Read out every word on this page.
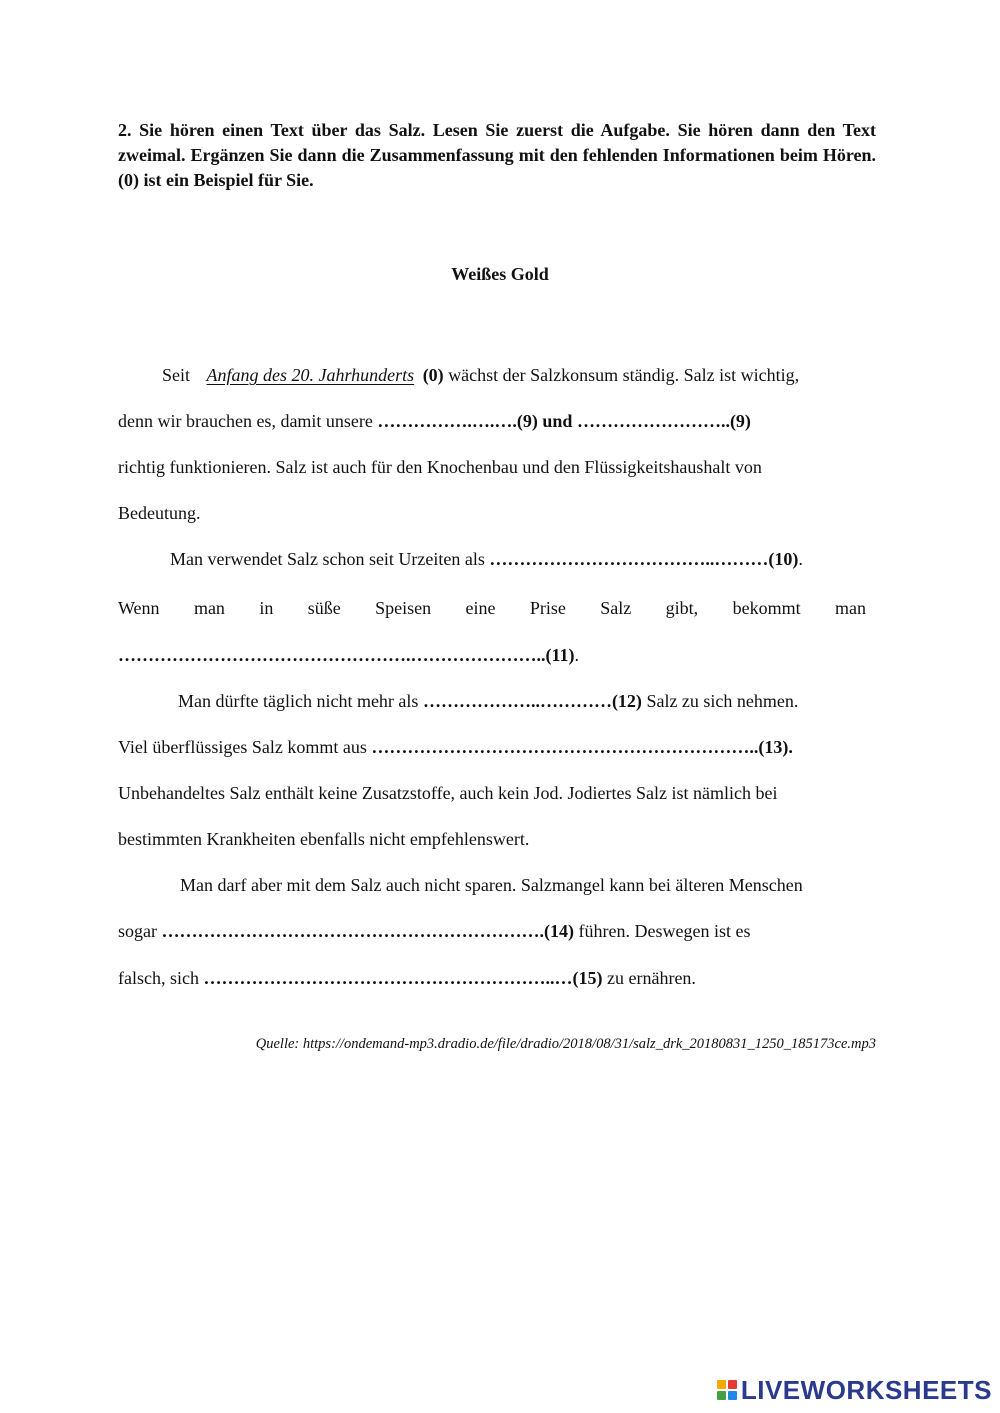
2. Sie hören einen Text über das Salz. Lesen Sie zuerst die Aufgabe. Sie hören dann den Text zweimal. Ergänzen Sie dann die Zusammenfassung mit den fehlenden Informationen beim Hören. (0) ist ein Beispiel für Sie.

Weißes Gold

Seit Anfang des 20. Jahrhunderts (0) wächst der Salzkonsum ständig. Salz ist wichtig,
denn wir brauchen es, damit unsere …………….….….(9) und ……………………..(9)
richtig funktionieren. Salz ist auch für den Knochenbau und den Flüssigkeitshaushalt von
Bedeutung.
Man verwendet Salz schon seit Urzeiten als ………………………………..………(10).
Wenn man in süße Speisen eine Prise Salz gibt, bekommt man
………………………………………….…………………..(11).
Man dürfte täglich nicht mehr als ………………..…………(12) Salz zu sich nehmen.
Viel überflüssiges Salz kommt aus ………………………………………………………..(13).
Unbehandeltes Salz enthält keine Zusatzstoffe, auch kein Jod. Jodiertes Salz ist nämlich bei
bestimmten Krankheiten ebenfalls nicht empfehlenswert.
Man darf aber mit dem Salz auch nicht sparen. Salzmangel kann bei älteren Menschen
sogar ……………………………………………………….(14) führen. Deswegen ist es
falsch, sich …………………………………………………..…(15) zu ernähren.
Quelle: https://ondemand-mp3.dradio.de/file/dradio/2018/08/31/salz_drk_20180831_1250_185173ce.mp3
LIVEWORKSHEETS
